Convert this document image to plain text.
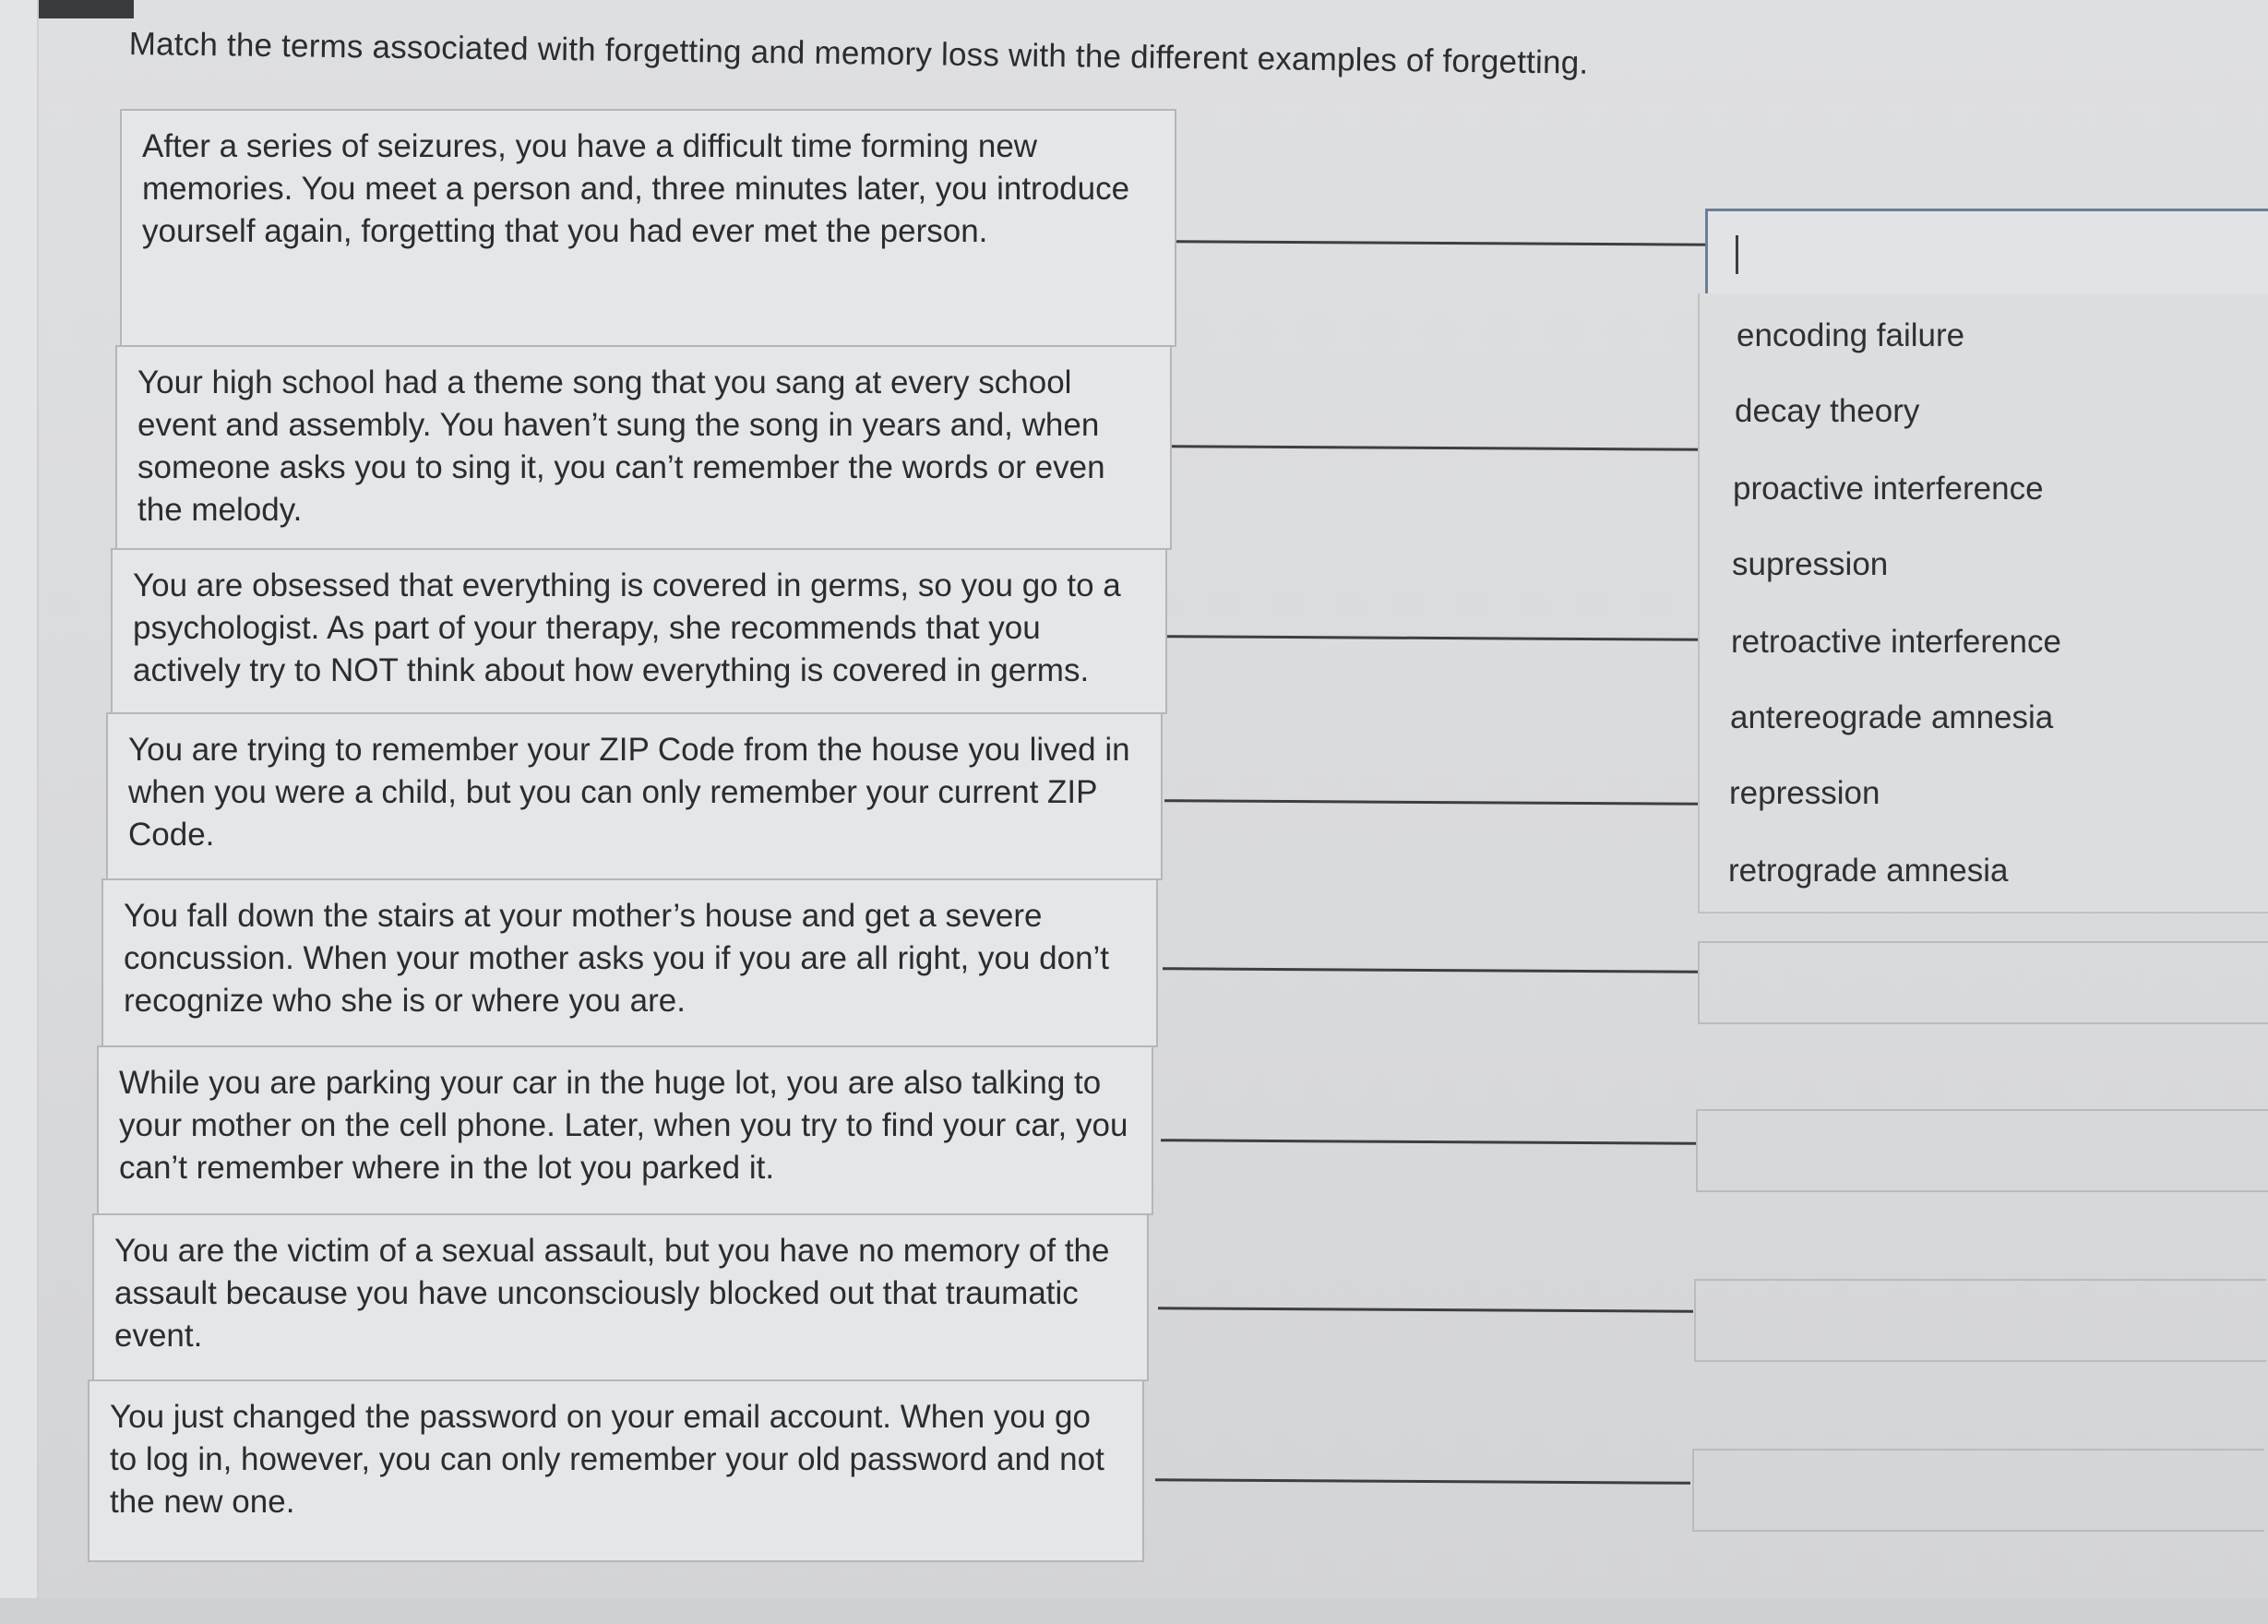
Match the terms associated with forgetting and memory loss with the different examples of forgetting.
After a series of seizures, you have a difficult time forming new memories. You meet a person and, three minutes later, you introduce yourself again, forgetting that you had ever met the person.
Your high school had a theme song that you sang at every school event and assembly. You haven’t sung the song in years and, when someone asks you to sing it, you can’t remember the words or even the melody.
You are obsessed that everything is covered in germs, so you go to a psychologist. As part of your therapy, she recommends that you actively try to NOT think about how everything is covered in germs.
You are trying to remember your ZIP Code from the house you lived in when you were a child, but you can only remember your current ZIP Code.
You fall down the stairs at your mother’s house and get a severe concussion. When your mother asks you if you are all right, you don’t recognize who she is or where you are.
While you are parking your car in the huge lot, you are also talking to your mother on the cell phone. Later, when you try to find your car, you can’t remember where in the lot you parked it.
You are the victim of a sexual assault, but you have no memory of the assault because you have unconsciously blocked out that traumatic event.
You just changed the password on your email account. When you go to log in, however, you can only remember your old password and not the new one.
encoding failure
decay theory
proactive interference
supression
retroactive interference
antereograde amnesia
repression
retrograde amnesia
